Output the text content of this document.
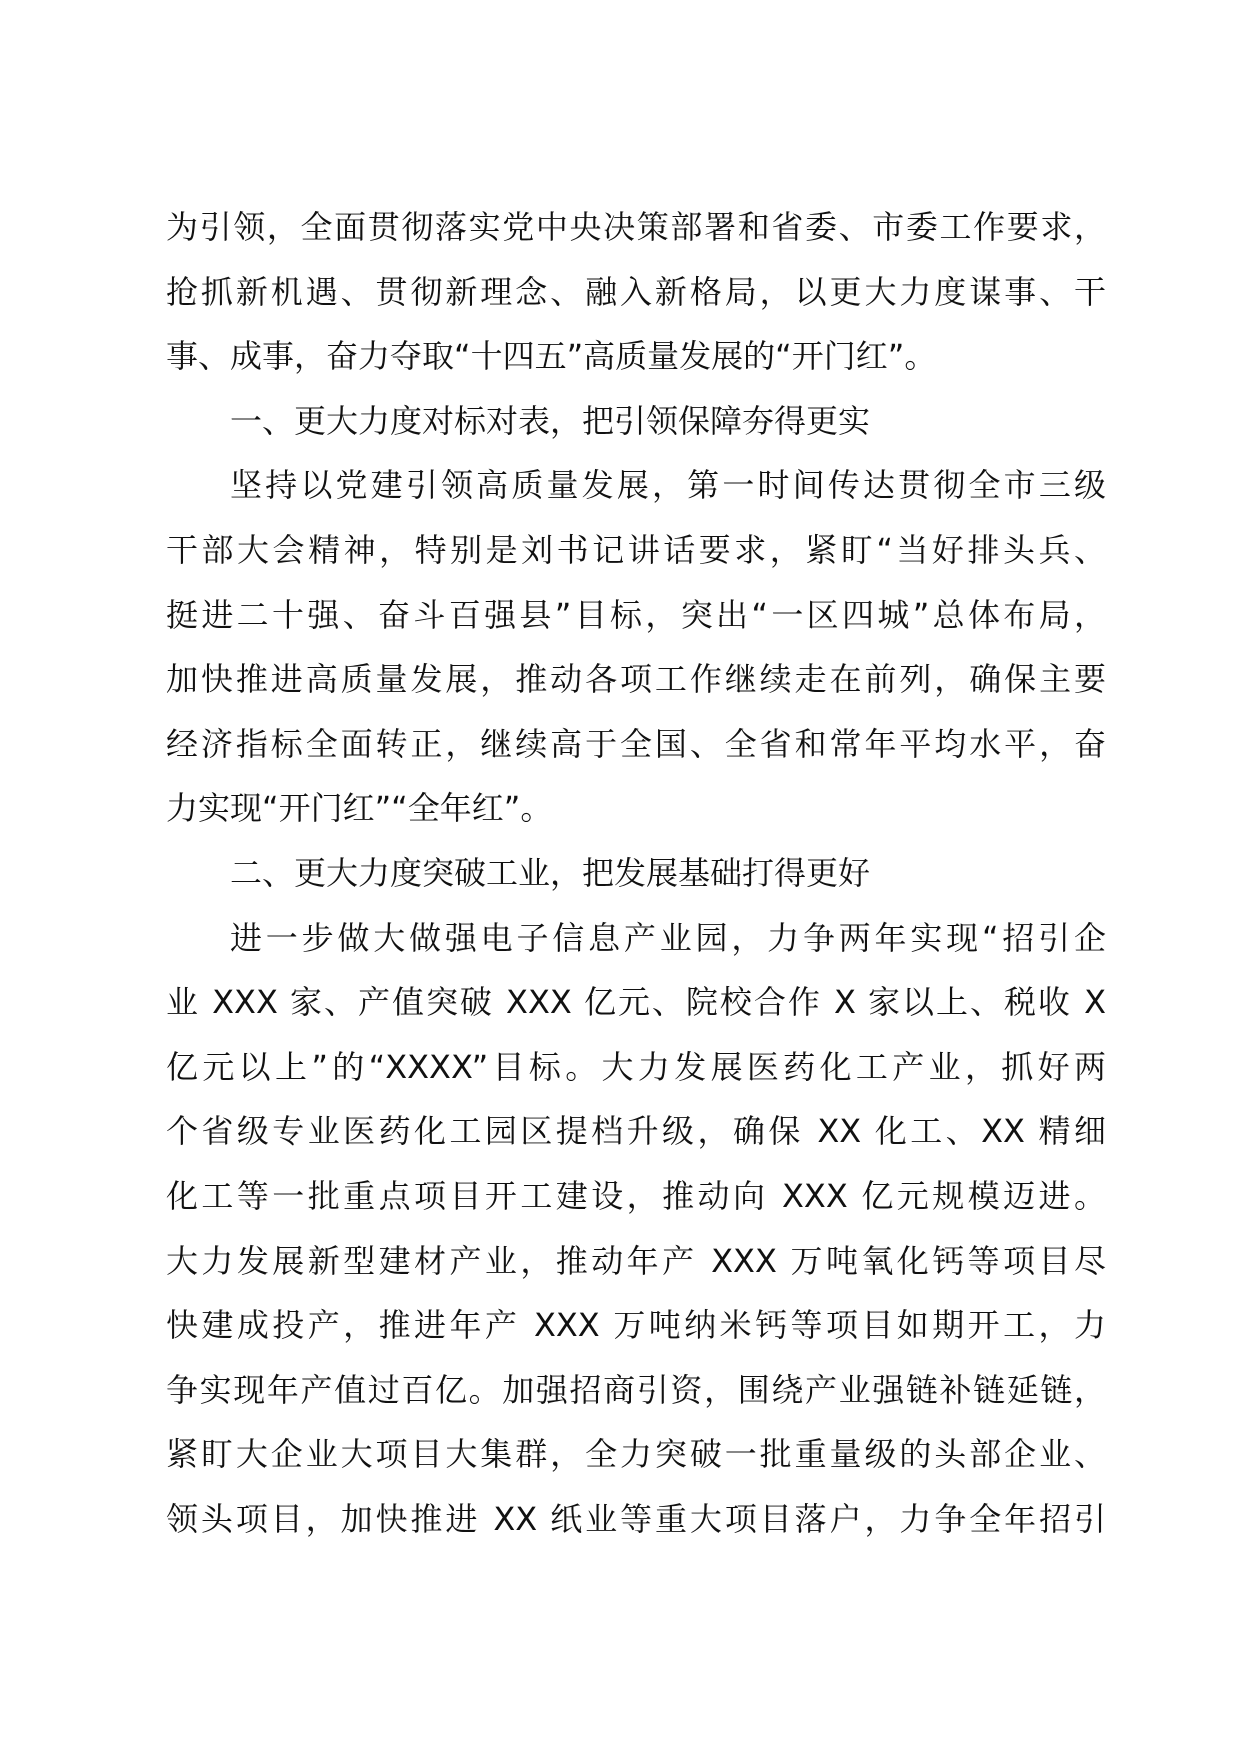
为引领，全面贯彻落实党中央决策部署和省委、市委工作要求，
抢抓新机遇、贯彻新理念、融入新格局，以更大力度谋事、干
事、成事，奋力夺取“十四五”高质量发展的“开门红”。
一、更大力度对标对表，把引领保障夯得更实
坚持以党建引领高质量发展，第一时间传达贯彻全市三级
干部大会精神，特别是刘书记讲话要求，紧盯“当好排头兵、
挺进二十强、奋斗百强县”目标，突出“一区四城”总体布局，
加快推进高质量发展，推动各项工作继续走在前列，确保主要
经济指标全面转正，继续高于全国、全省和常年平均水平，奋
力实现“开门红”“全年红”。
二、更大力度突破工业，把发展基础打得更好
进一步做大做强电子信息产业园，力争两年实现“招引企
业 XXX 家、产值突破 XXX 亿元、院校合作 X 家以上、税收 X
亿元以上”的“XXXX”目标。大力发展医药化工产业，抓好两
个省级专业医药化工园区提档升级，确保 XX 化工、XX 精细
化工等一批重点项目开工建设，推动向 XXX 亿元规模迈进。
大力发展新型建材产业，推动年产 XXX 万吨氧化钙等项目尽
快建成投产，推进年产 XXX 万吨纳米钙等项目如期开工，力
争实现年产值过百亿。加强招商引资，围绕产业强链补链延链，
紧盯大企业大项目大集群，全力突破一批重量级的头部企业、
领头项目，加快推进 XX 纸业等重大项目落户，力争全年招引
